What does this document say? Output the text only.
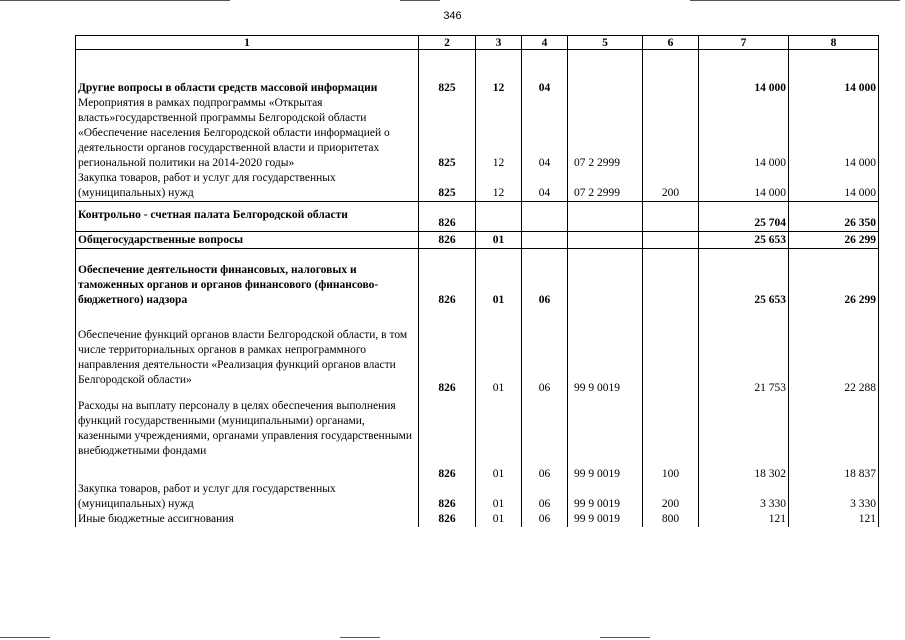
346
1	2	3	4	5	6	7	8
Другие вопросы в области средств массовой информации	825	12	04			14 000	14 000
Мероприятия в рамках подпрограммы «Открытая власть»государственной программы Белгородской области «Обеспечение населения Белгородской области информацией о деятельности органов государственной власти и приоритетах региональной политики на 2014-2020 годы»	825	12	04	07 2 2999		14 000	14 000
Закупка товаров, работ и услуг для государственных (муниципальных) нужд	825	12	04	07 2 2999	200	14 000	14 000
Контрольно - счетная палата Белгородской области	826					25 704	26 350
Общегосударственные вопросы	826	01				25 653	26 299
Обеспечение деятельности финансовых, налоговых и таможенных органов и органов финансового (финансово-бюджетного) надзора	826	01	06			25 653	26 299
Обеспечение функций органов власти Белгородской области, в том числе территориальных органов в рамках непрограммного направления деятельности «Реализация функций органов власти Белгородской области»	826	01	06	99 9 0019		21 753	22 288
Расходы на выплату персоналу в целях обеспечения выполнения функций государственными (муниципальными) органами, казенными учреждениями, органами управления государственными внебюджетными фондами	826	01	06	99 9 0019	100	18 302	18 837
Закупка товаров, работ и услуг для государственных (муниципальных) нужд	826	01	06	99 9 0019	200	3 330	3 330
Иные бюджетные ассигнования	826	01	06	99 9 0019	800	121	121
